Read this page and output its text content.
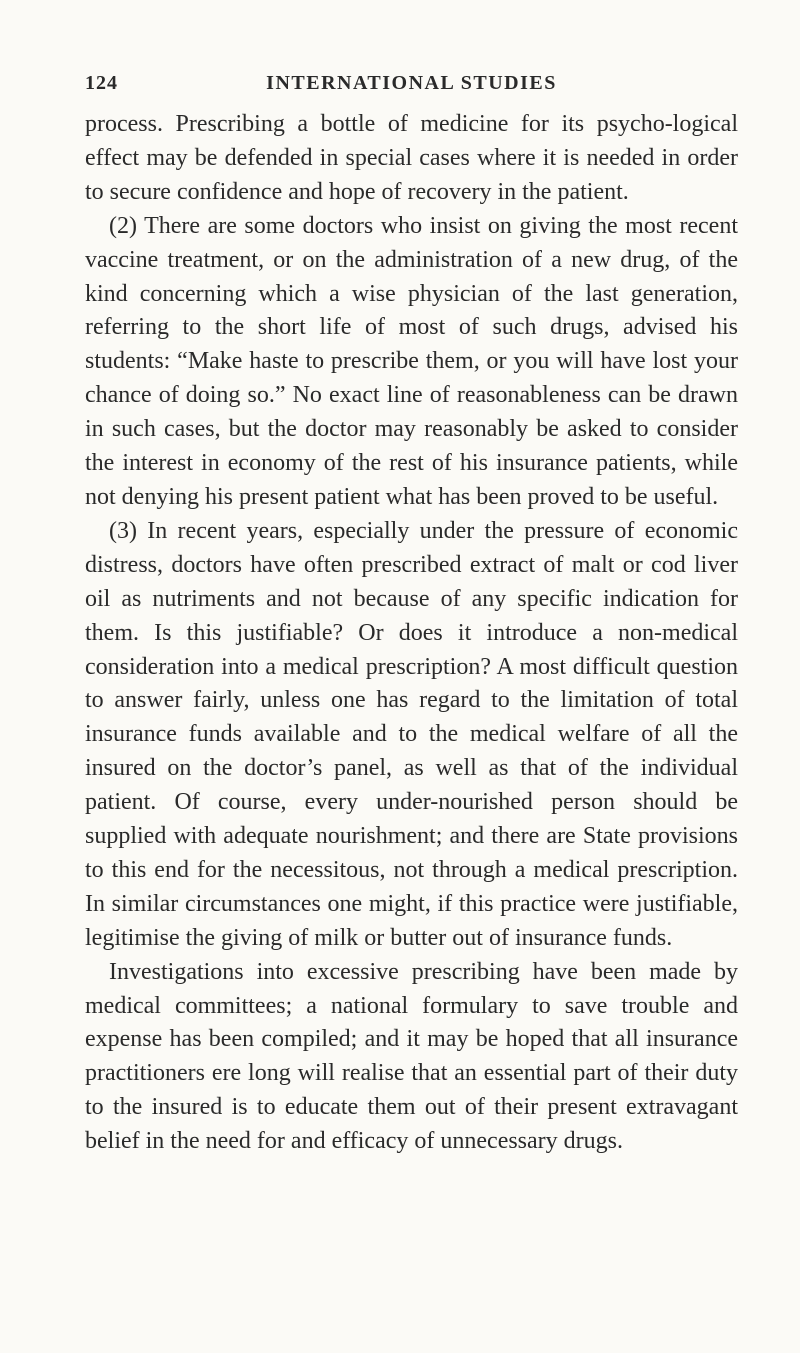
124	INTERNATIONAL STUDIES

process. Prescribing a bottle of medicine for its psycho-logical effect may be defended in special cases where it is needed in order to secure confidence and hope of recovery in the patient.

(2) There are some doctors who insist on giving the most recent vaccine treatment, or on the administration of a new drug, of the kind concerning which a wise physician of the last generation, referring to the short life of most of such drugs, advised his students: “Make haste to prescribe them, or you will have lost your chance of doing so.” No exact line of reasonableness can be drawn in such cases, but the doctor may reasonably be asked to consider the interest in economy of the rest of his insurance patients, while not denying his present patient what has been proved to be useful.

(3) In recent years, especially under the pressure of economic distress, doctors have often prescribed extract of malt or cod liver oil as nutriments and not because of any specific indication for them. Is this justifiable? Or does it introduce a non-medical consideration into a medical prescription? A most difficult question to answer fairly, unless one has regard to the limitation of total insurance funds available and to the medical welfare of all the insured on the doctor’s panel, as well as that of the individual patient. Of course, every under-nourished person should be supplied with adequate nourishment; and there are State provisions to this end for the necessitous, not through a medical prescription. In similar circumstances one might, if this practice were justifiable, legitimise the giving of milk or butter out of insurance funds.

Investigations into excessive prescribing have been made by medical committees; a national formulary to save trouble and expense has been compiled; and it may be hoped that all insurance practitioners ere long will realise that an essential part of their duty to the insured is to educate them out of their present extravagant belief in the need for and efficacy of unnecessary drugs.
